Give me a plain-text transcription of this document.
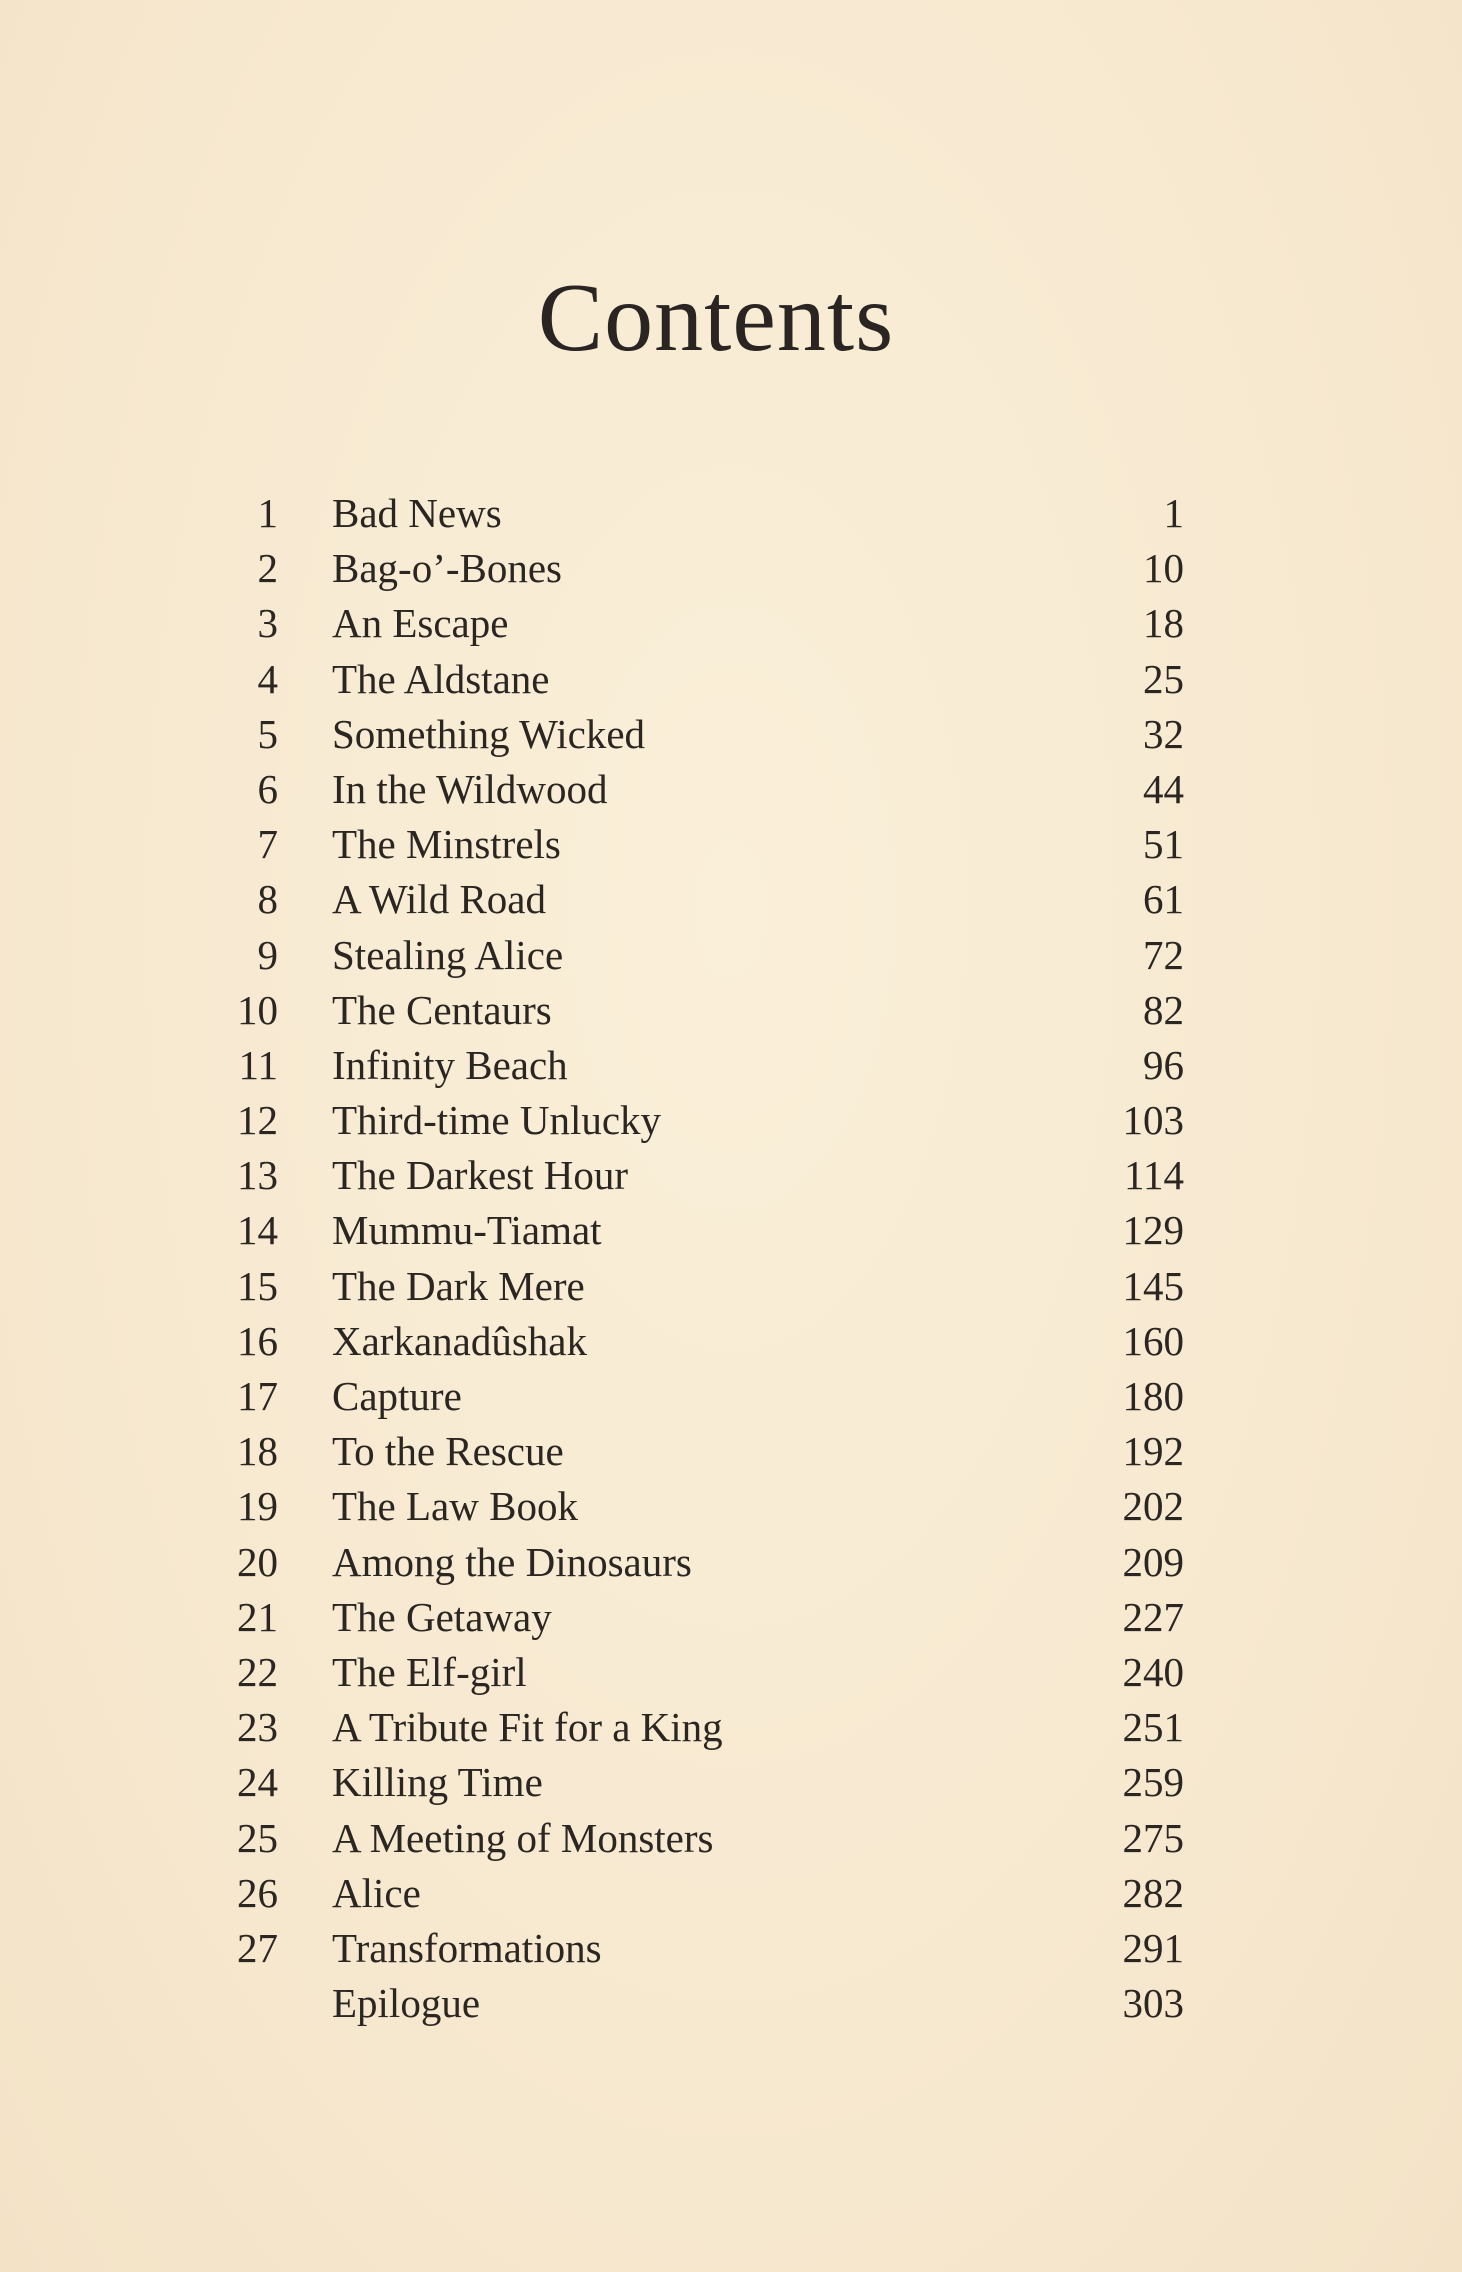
Contents
1 Bad News	1
2 Bag-o’-Bones	10
3 An Escape	18
4 The Aldstane	25
5 Something Wicked	32
6 In the Wildwood	44
7 The Minstrels	51
8 A Wild Road	61
9 Stealing Alice	72
10 The Centaurs	82
11 Infinity Beach	96
12 Third-time Unlucky	103
13 The Darkest Hour	114
14 Mummu-Tiamat	129
15 The Dark Mere	145
16 Xarkanadûshak	160
17 Capture	180
18 To the Rescue	192
19 The Law Book	202
20 Among the Dinosaurs	209
21 The Getaway	227
22 The Elf-girl	240
23 A Tribute Fit for a King	251
24 Killing Time	259
25 A Meeting of Monsters	275
26 Alice	282
27 Transformations	291
Epilogue	303
